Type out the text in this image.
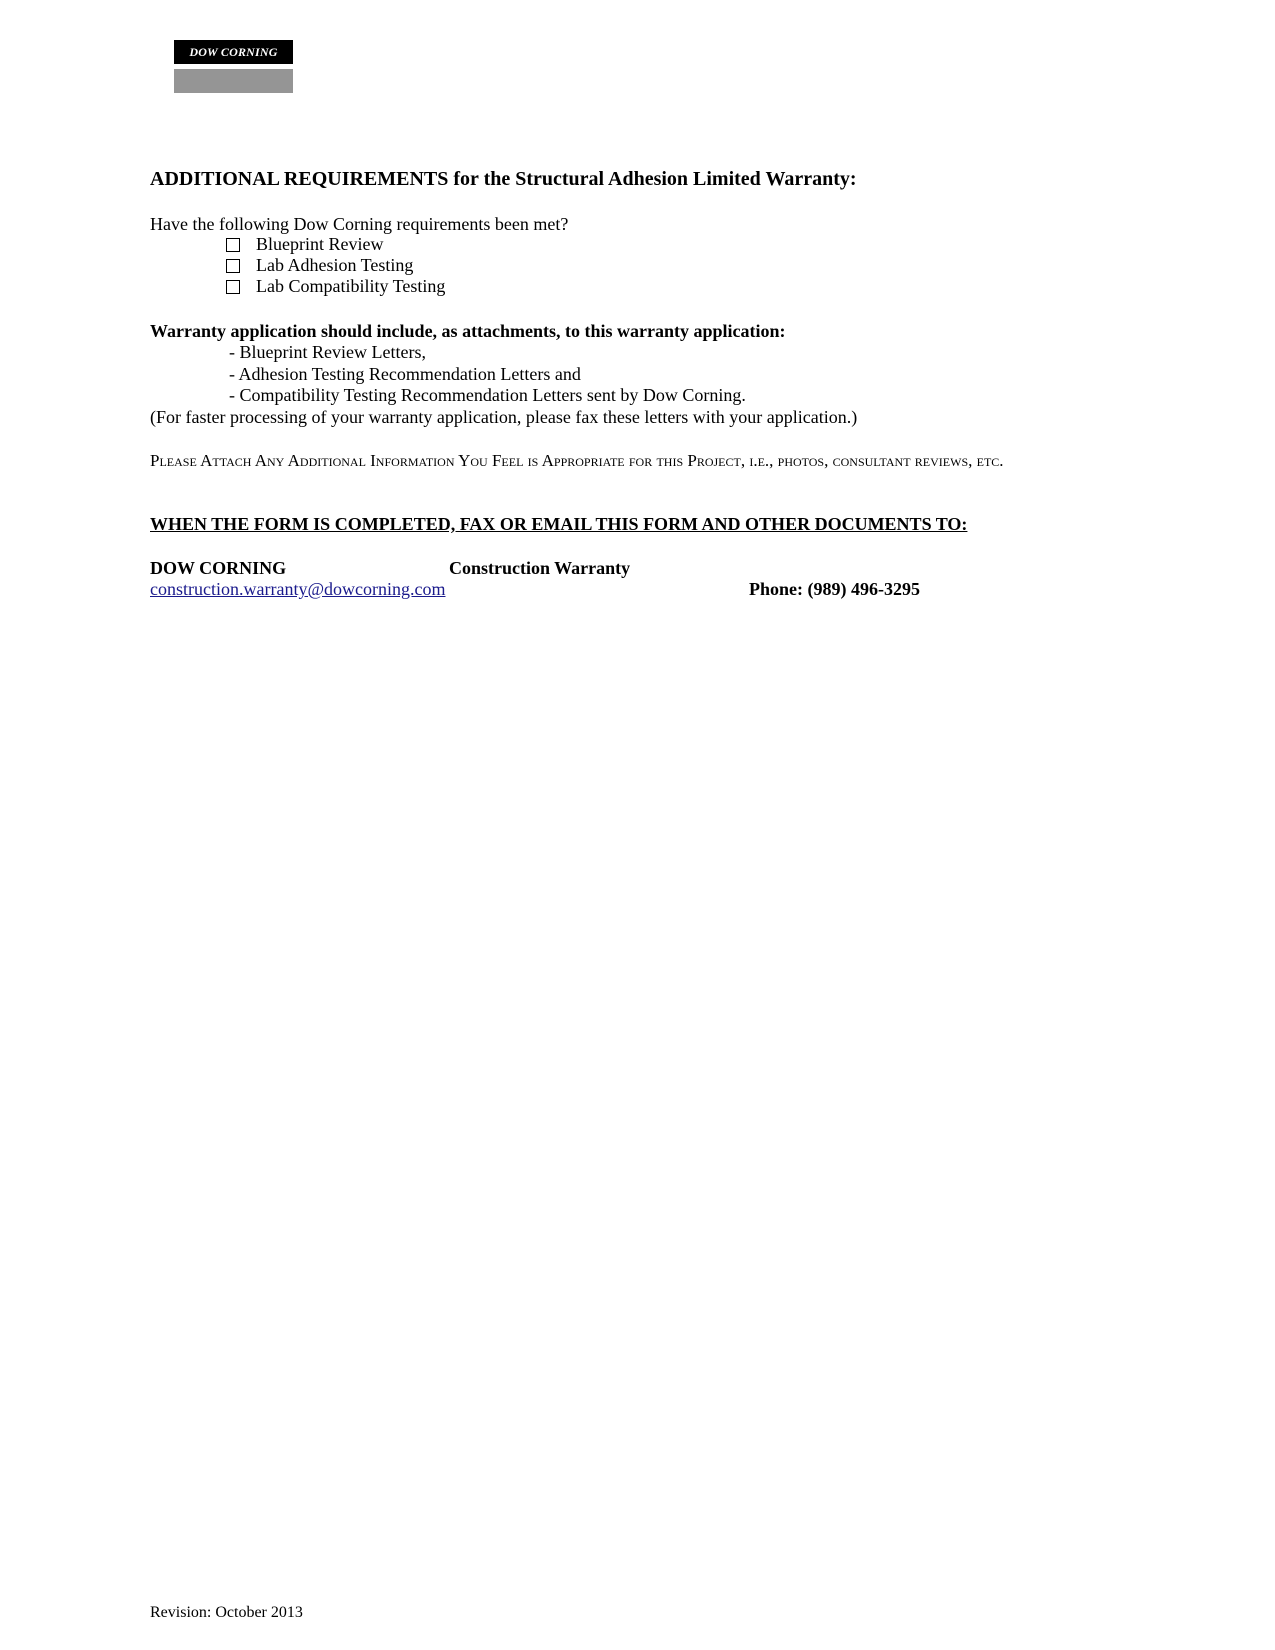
DOW CORNING
ADDITIONAL REQUIREMENTS for the Structural Adhesion Limited Warranty:
Have the following Dow Corning requirements been met?
Blueprint Review
Lab Adhesion Testing
Lab Compatibility Testing
Warranty application should include, as attachments, to this warranty application:
- Blueprint Review Letters,
- Adhesion Testing Recommendation Letters and
- Compatibility Testing Recommendation Letters sent by Dow Corning.
(For faster processing of your warranty application, please fax these letters with your application.)
Please Attach Any Additional Information You Feel is Appropriate for this Project, i.e., photos, consultant reviews, etc.
WHEN THE FORM IS COMPLETED, FAX OR EMAIL THIS FORM AND OTHER DOCUMENTS TO:
DOW CORNING	Construction Warranty
construction.warranty@dowcorning.com	Phone: (989) 496-3295
Revision: October 2013
